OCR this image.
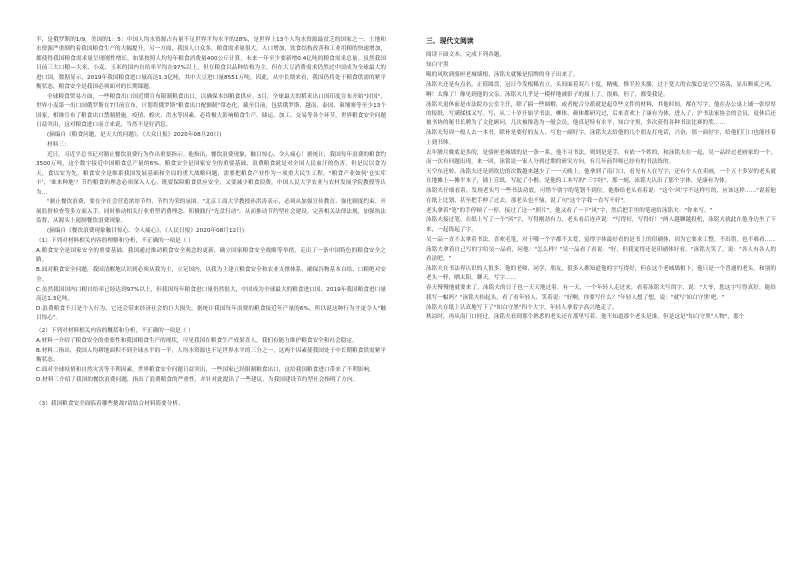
半，是俄罗斯的1/9，美国的1：5：中国人均水资源占有量不足世界平均水平的28%，是世界上13个人均水资源最贫乏的国家之一。土地和水资源严重制约着我国粮食生产的大幅提升。另一方面，我国人口众多，粮食需求量很大。人口增加、饮食结构改善和工业用粮的快速增加，都使得我国粮食需求量呈现刚性增长。如果按照人均每年粮食消费量400公斤计算，未来一年至少要新增0.4亿吨的粮食需求总量。虽然我国目前三大口粮—大米、小麦、玉米的国内自给率平均在97%以上，但在粮食以品种结构为主，但在大豆消费需求仍然过中国成为全球最大的进口国，数据显示，2019年我国粮食进口量高达1.3亿吨，其中大豆进口量8551万吨。因此，从中长期来看，我国仍将处于粮食供需的紧平衡状态，粮食安全是我国必须面对的长期课题。

全球粮食贸易方面，一些粮食出口国近期宣布限制粮食出口，以确保本国粮食供应。3月，全球最大的稻米出口国印度宣布开始"封国"，世界小麦第一出口国俄罗斯在7月前宣布，计划将俄罗斯"粮食出口配额制"常态化，截至目前，包括俄罗斯、越南、泰国、柬埔寨等至少13个国家，相继宣布了粮食出口禁制措施。疫情、蝗灾、洪水等因素，必将极大影响粮食生产、储运、加工、交易等各个环节，世界粮食安全问题日益突出，这对粮食进口而言来说，当然不是好消息。

(摘编自《粮食问题，是天大的问题》，《大众日报》2020年08月20日)

材料三：

近日，习近平总书记对制止餐饮浪费行为作出重要指示。他指出，餐饮浪费现象，触目惊心、令人痛心！据统计，我国每年浪费的粮食约3500万吨，这个数字接近中国粮食总产量的6%。粮食安全是国家安全的重要基础，浪费粮食就是对全国人民血汗的伤害，但是民以食为天，食以安为先。粮食安全是维系我国发展基础和全局的重大战略问题，需要把粮食产业作为一项重大民生工程，"粮食产业如何'仓实库丰'，'谁来种地'？节约粮食的理念必须深入人心，既要保障粮食供应安全，又要减少粮食浪费。中国人民大学农业与农村发展学院教授等认为…

"制止餐饮浪费，要在全社会营造浓厚节约、节约为荣的氛围。"北京工商大学教授孙洪涛表示，必须从加强宣传教育、强化制度约束、开展监督检查等多方面入手，同时推动相关行业重塑消费理念、积极践行"光盘行动"，从而推动节约型社会建设。完善相关法律法规，加强执法监督，从源头上遏制餐饮浪费现象。

(摘编自《餐饮浪费现象触目惊心、令人痛心》，《人民日报》2020年08月12日)

（1）下列对材料相关内容的理解和分析，不正确的一项是（ ）

A.粮食安全是国家安全的重要基础，我国通过推动粮食安全观念的更新，确立国家粮食安全战略等举措，走出了一条中国特色的粮食安全之路。

B.面对粮食安全问题，我国清醒地认识到必须从我为主，立足国内，以我为主建立粮食安全和农业支撑体系，确保谷物基本自给、口粮绝对安全。

C.虽然我国国内口粮自给率已经达到97%以上，但我国每年粮食进口量仍然很大，中国成为全球最大的粮食进口国，2019年我国粮食进口量高达1.3亿吨。

D.浪费粮食不只是个人行为，它还会带来经济社会的巨大损失，据统计我国每年浪费的粮食接近年产量的6%，所以说这种行为才更令人"触目惊心"。

（2）下列对材料相关内容的概括和分析，不正确的一项是（ ）

A.材料一介绍了粮食安全的重要性和我国粮食生产的现状，可见我国在粮食生产成果喜人，我们有能力维护粮食安全和社会稳定。

B.材料二指出，我国人均耕地面积不到全球水平的一半，人均水资源也不足世界水平的三分之一，这两个因素使我国处于中长期粮食供需紧平衡状态。

C.面对全球疫情和自然灾害等不利因素，世界粮食安全问题日益突出，一些国家已经限制粮食出口，这给我国粮食进口带来了不利影响。

D.材料三介绍了我国的餐饮浪费问题，指出了浪费粮食的严重性，并针对此提出了一些建议，为我国建设节约型社会指明了方向。

（3）我国粮食安全面临着哪些挑战?请结合材料简要分析。

三、现代文阅读

阅读下面文本，完成下列各题。

知白守黑

喝的风吹到骆匣老城墙根，泳铭夫就像是招牌的身子出来了。

泳铭夫还是有点名，正值圆盘，冠日今发根稀直立，头间面着双六十度，精瘦，惟半拉头骼，过于宽大的衣服总是空空荡荡，显出颓废之风。

啊！太像了！像见到他的父亲。泳铭夫几乎是一模样地被影子的撞上了，很难，但了，都受我是。

泳铭夫退休前是市法院办公室主任，除了搞一些调解，或者配合分派就是起草些文件的材料，其他时间，都在写字，他在办公桌上铺一张厚厚的报纸，写满揉揉又写。写，从二十岁开始学书法，柳体、颜体都研究过，后来喜欢上了康有为体，进入了，沪书法家协会的会员，退休后还被书协的秘书长聘为了文化顾问，几次被推选为一般会员，他真是特有水平，知白守黑，多次获得各种书法比赛的奖……

泳铭夫每周一般人去一本书，除补是要好的友人，写也一副好字，泳铭夫去给他的几个朋友打电话，兴奋，那一面好字，给他们门口也能挂着上到书体。

去年腊月晚底是多的，是骆匣老城墙的是一条一系，他不习书法，则到是是手，有依一个姓的，和泳铭夫在一起，吴一品经过老画家的一个，而一次有问题出现，来一回，泳铭说一家人分到过期的研究方向，有几年前拜师已经有的书法练的。

天空东还转，泳铭夫还是到坎边的次数越来越少了一一天晚上，他拿到了南门口，看见有人在写字，还有个人在卖画，一个五十多岁的老头就在地摊上—摊平本子，铺上宣纸，写起了小楷。是他的工本写的"三字经"，那一刻，泳铭夫认出了那个字体，是康有为体。

泳铭夫仔细看着，发现老头写一些书法功底，可惜个别字的笔划不到位。他指给老头看着说："这个'风'字不这样写的，应该这样……"说着他在纸上比划，甚至把手伸了过去，那老头也不恼，说了句"这个字我一直写不好"。

老头拿着"笔"的手停顿了一停，接过了这一"照片"，他又看了一下"风"字，然后把手里的笔递给泳铭夫："你来写。"

泳铭夫接过笔，在纸上写了一个"风"字，写得刚劲有力，老头看后连声说："写得好，写得好！"两人越聊越投机，泳铭夫就此在他身边坐了下来，一起练起了字。

吴一品一直不太拿着书法，喜欢毛笔，对于哪一个字都不太爱，觉得字体最好看的是书上的印刷体，因为它要求工整，不出错，也不难看……

泳铭夫拿着自己写的字给吴一品看，问他："怎么样？"吴一品看了看说："好，但我觉得还是印刷体好看。"泳铭夫笑了，说："各人有各人的看法吧。"

泳铭夫在书法界认识的人很多，他的老师、同学、朋友，很多人都知道他的字写得好，但在这个老城墙根下，他只是一个普通的老头，和别的老头一样，晒太阳，聊天，写字……

春天慢慢地就要来了，泳铭夫的日子也一天天地过着。有一天，一个年轻人走过来，看着泳铭夫写的字，说："大爷，您这字写得真好，能给我写一幅吗？"泳铭夫抬起头，看了看年轻人，笑着说："好啊，你要写什么？"年轻人想了想，说："就写'知白守黑'吧。"

泳铭夫在纸上认真地写下了"知白守黑"四个大字，年轻人拿着字高兴地走了。

秋凉时，再从南门口经过，泳铭夫看到那个熟悉的老头还在那里写着，他不知道那个老头是谁，但是这是"知白守黑"人物"，那个
